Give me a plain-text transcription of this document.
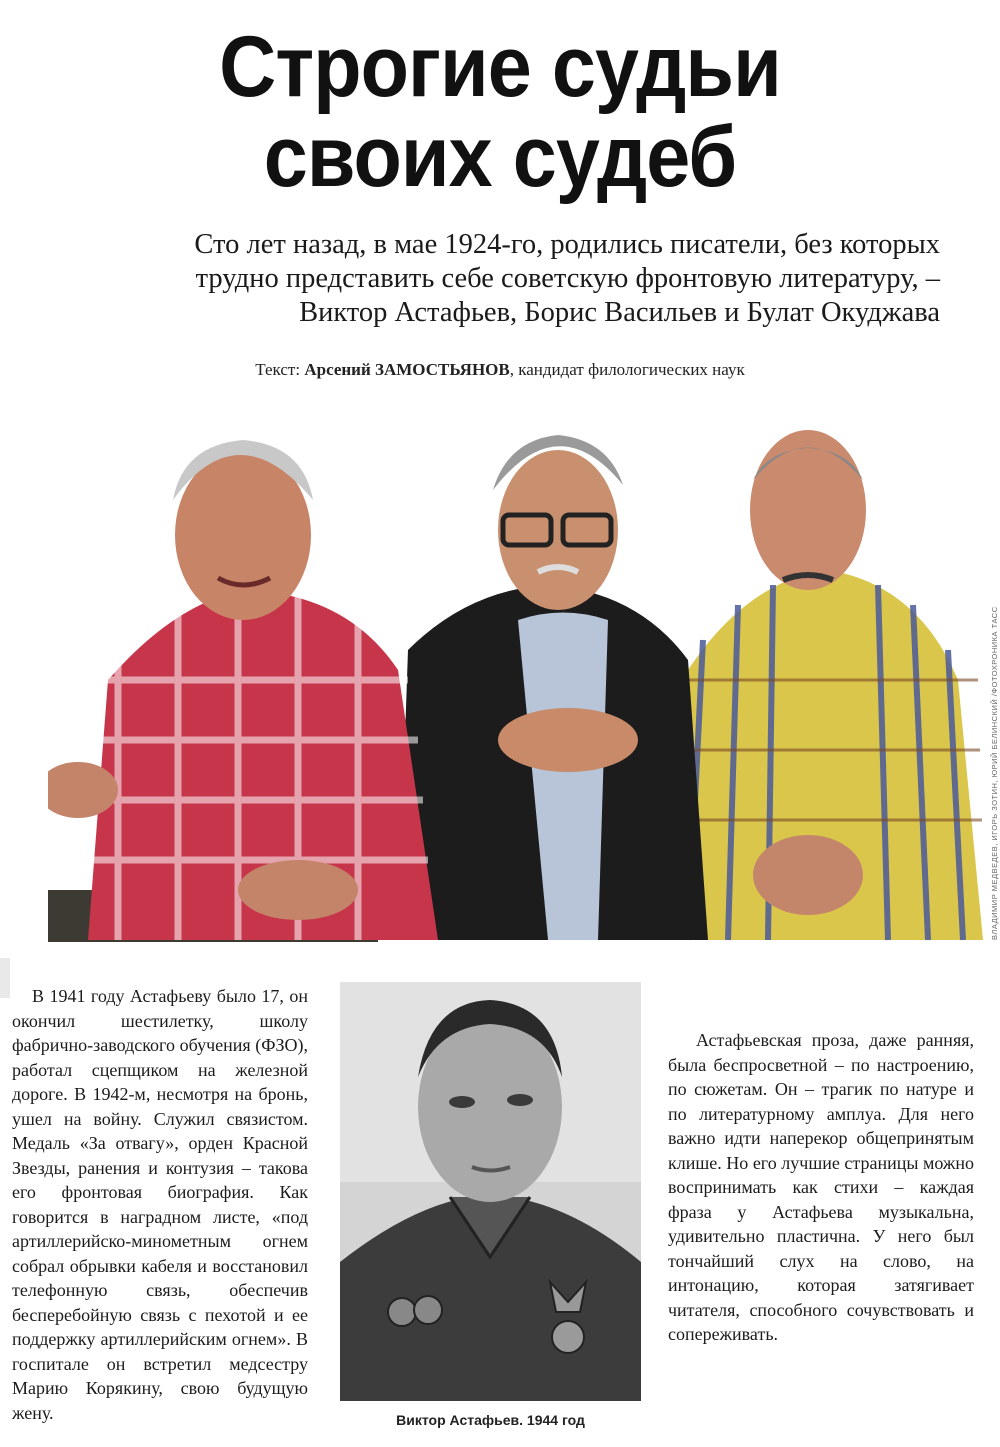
Строгие судьи
своих судеб
Сто лет назад, в мае 1924-го, родились писатели, без которых
трудно представить себе советскую фронтовую литературу, –
Виктор Астафьев, Борис Васильев и Булат Окуджава
Текст: Арсений ЗАМОСТЬЯНОВ, кандидат филологических наук
ВЛАДИМИР МЕДВЕДЕВ, ИГОРЬ ЗОТИН, ЮРИЙ БЕЛИНСКИЙ /ФОТОХРОНИКА ТАСС
В 1941 году Астафьеву было 17, он окончил шестилетку, школу фабрично-заводского обучения (ФЗО), работал сцепщиком на железной дороге. В 1942-м, несмотря на бронь, ушел на войну. Служил связистом. Медаль «За отвагу», орден Красной Звезды, ранения и контузия – такова его фронтовая биография. Как говорится в наградном листе, «под артиллерийско-минометным огнем собрал обрывки кабеля и восстановил телефонную связь, обеспечив бесперебойную связь с пехотой и ее поддержку артиллерийским огнем». В госпитале он встретил медсестру Марию Корякину, свою будущую жену.	Виктор Астафьев. 1944 год
Астафьевская проза, даже ранняя, была беспросветной – по настроению, по сюжетам. Он – трагик по натуре и по литературному амплуа. Для него важно идти наперекор общепринятым клише. Но его лучшие страницы можно воспринимать как стихи – каждая фраза у Астафьева музыкальна, удивительно пластична. У него был тончайший слух на слово, на интонацию, которая затягивает читателя, способного сочувствовать и сопереживать.
